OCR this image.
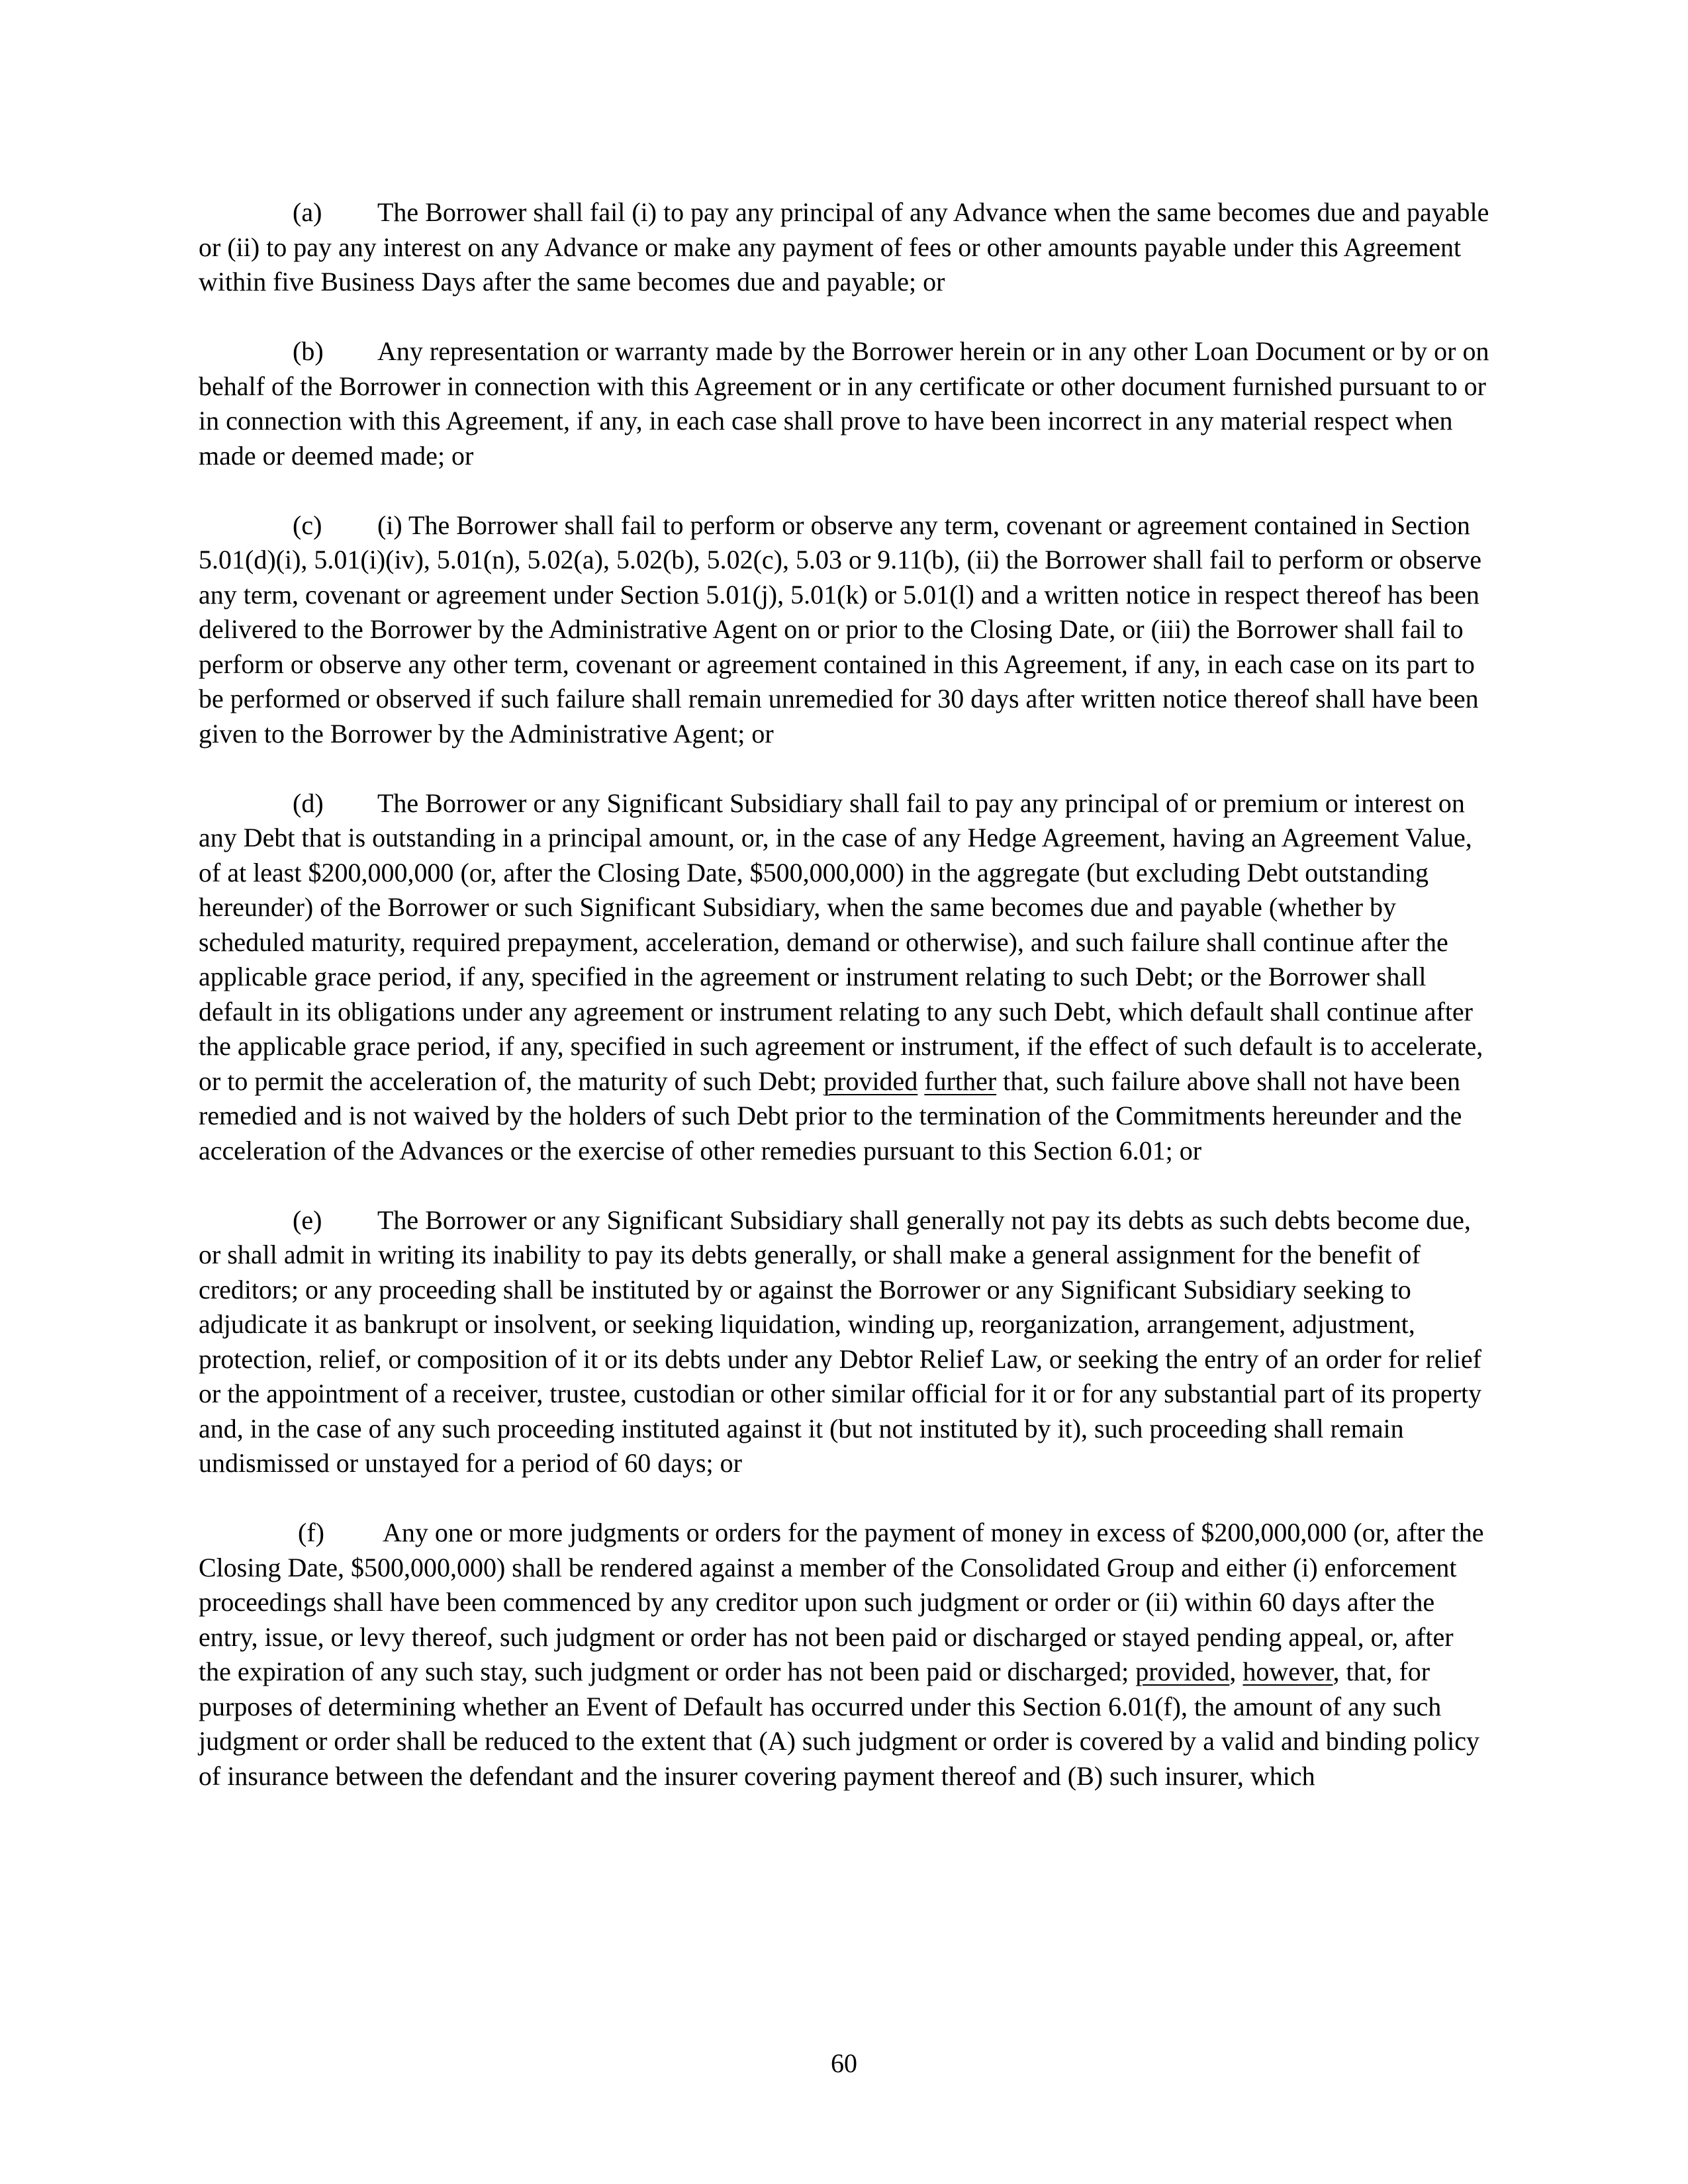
(a) The Borrower shall fail (i) to pay any principal of any Advance when the same becomes due and payable or (ii) to pay any interest on any Advance or make any payment of fees or other amounts payable under this Agreement within five Business Days after the same becomes due and payable; or

(b) Any representation or warranty made by the Borrower herein or in any other Loan Document or by or on behalf of the Borrower in connection with this Agreement or in any certificate or other document furnished pursuant to or in connection with this Agreement, if any, in each case shall prove to have been incorrect in any material respect when made or deemed made; or

(c) (i) The Borrower shall fail to perform or observe any term, covenant or agreement contained in Section 5.01(d)(i), 5.01(i)(iv), 5.01(n), 5.02(a), 5.02(b), 5.02(c), 5.03 or 9.11(b), (ii) the Borrower shall fail to perform or observe any term, covenant or agreement under Section 5.01(j), 5.01(k) or 5.01(l) and a written notice in respect thereof has been delivered to the Borrower by the Administrative Agent on or prior to the Closing Date, or (iii) the Borrower shall fail to perform or observe any other term, covenant or agreement contained in this Agreement, if any, in each case on its part to be performed or observed if such failure shall remain unremedied for 30 days after written notice thereof shall have been given to the Borrower by the Administrative Agent; or

(d) The Borrower or any Significant Subsidiary shall fail to pay any principal of or premium or interest on any Debt that is outstanding in a principal amount, or, in the case of any Hedge Agreement, having an Agreement Value, of at least $200,000,000 (or, after the Closing Date, $500,000,000) in the aggregate (but excluding Debt outstanding hereunder) of the Borrower or such Significant Subsidiary, when the same becomes due and payable (whether by scheduled maturity, required prepayment, acceleration, demand or otherwise), and such failure shall continue after the applicable grace period, if any, specified in the agreement or instrument relating to such Debt; or the Borrower shall default in its obligations under any agreement or instrument relating to any such Debt, which default shall continue after the applicable grace period, if any, specified in such agreement or instrument, if the effect of such default is to accelerate, or to permit the acceleration of, the maturity of such Debt; provided further that, such failure above shall not have been remedied and is not waived by the holders of such Debt prior to the termination of the Commitments hereunder and the acceleration of the Advances or the exercise of other remedies pursuant to this Section 6.01; or

(e) The Borrower or any Significant Subsidiary shall generally not pay its debts as such debts become due, or shall admit in writing its inability to pay its debts generally, or shall make a general assignment for the benefit of creditors; or any proceeding shall be instituted by or against the Borrower or any Significant Subsidiary seeking to adjudicate it as bankrupt or insolvent, or seeking liquidation, winding up, reorganization, arrangement, adjustment, protection, relief, or composition of it or its debts under any Debtor Relief Law, or seeking the entry of an order for relief or the appointment of a receiver, trustee, custodian or other similar official for it or for any substantial part of its property and, in the case of any such proceeding instituted against it (but not instituted by it), such proceeding shall remain undismissed or unstayed for a period of 60 days; or

(f) Any one or more judgments or orders for the payment of money in excess of $200,000,000 (or, after the Closing Date, $500,000,000) shall be rendered against a member of the Consolidated Group and either (i) enforcement proceedings shall have been commenced by any creditor upon such judgment or order or (ii) within 60 days after the entry, issue, or levy thereof, such judgment or order has not been paid or discharged or stayed pending appeal, or, after the expiration of any such stay, such judgment or order has not been paid or discharged; provided, however, that, for purposes of determining whether an Event of Default has occurred under this Section 6.01(f), the amount of any such judgment or order shall be reduced to the extent that (A) such judgment or order is covered by a valid and binding policy of insurance between the defendant and the insurer covering payment thereof and (B) such insurer, which

60
